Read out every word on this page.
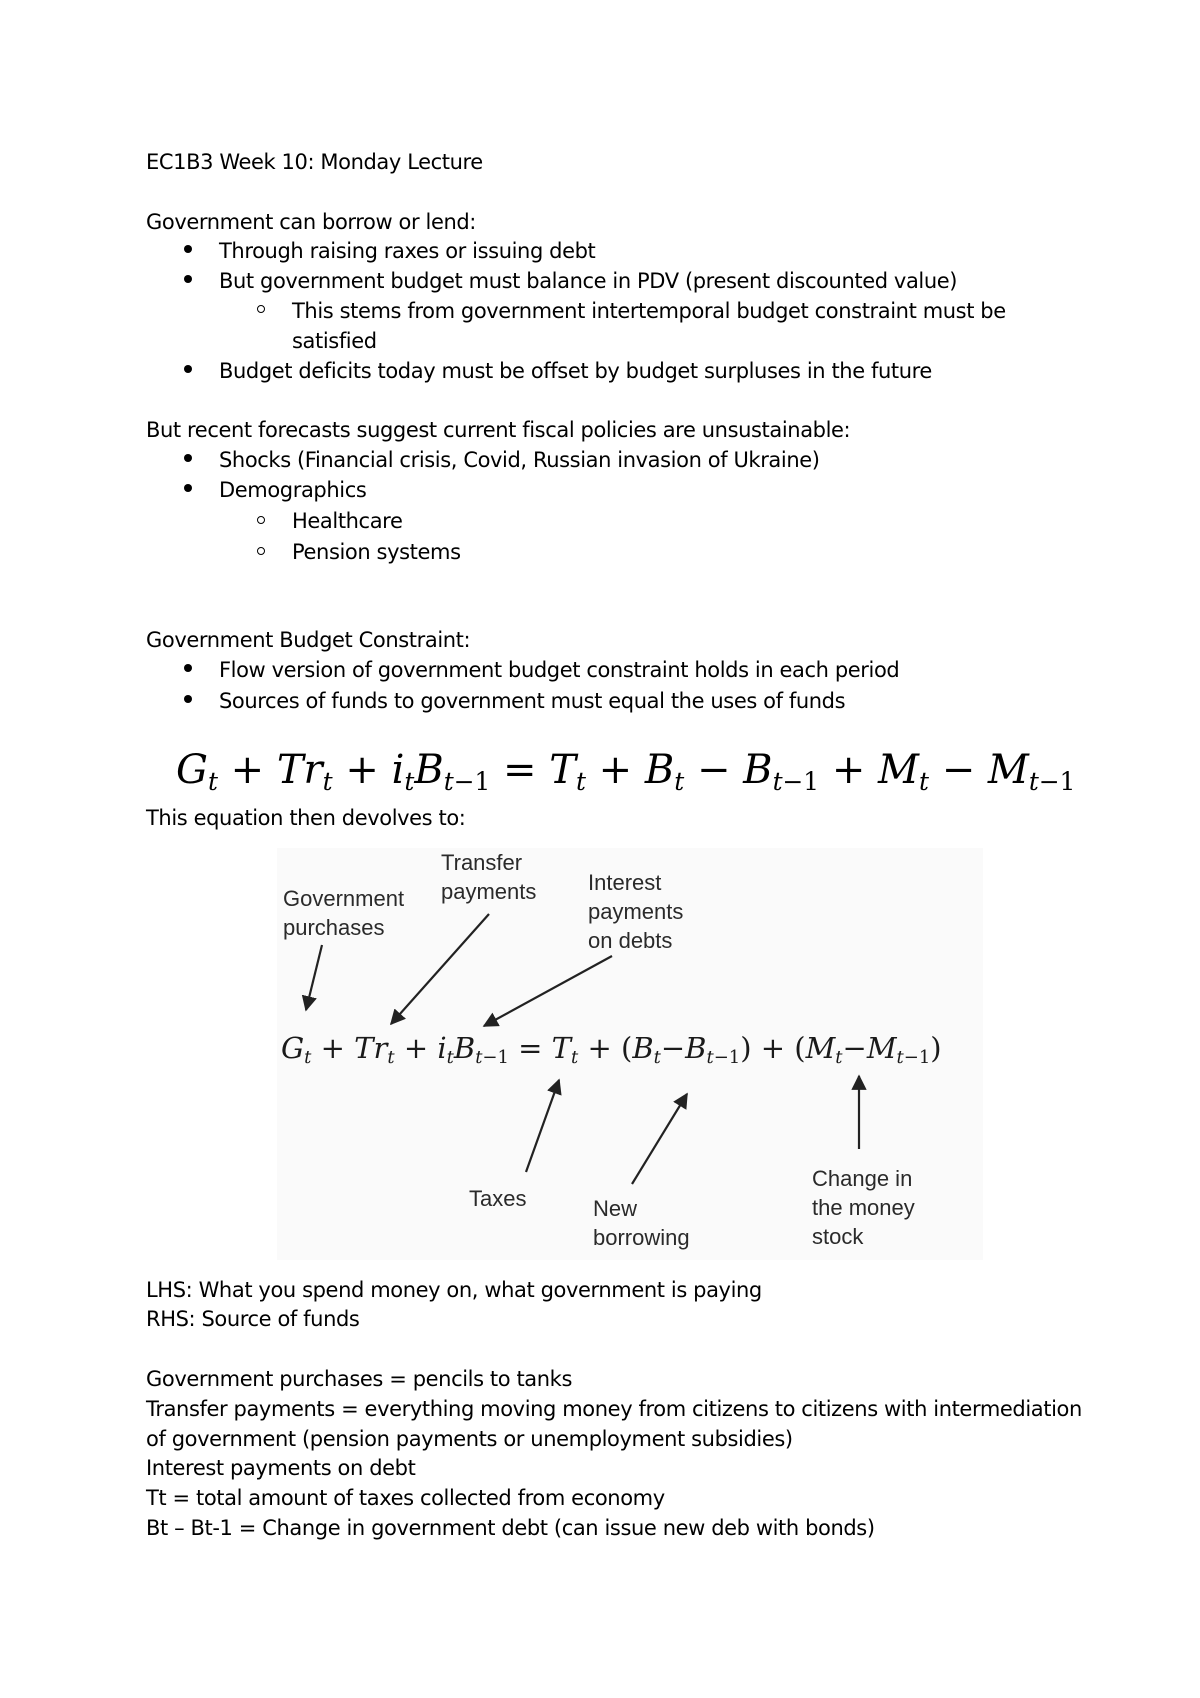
EC1B3 Week 10: Monday Lecture
Government can borrow or lend:
Through raising raxes or issuing debt
But government budget must balance in PDV (present discounted value)
This stems from government intertemporal budget constraint must be
satisfied
Budget deficits today must be offset by budget surpluses in the future
But recent forecasts suggest current fiscal policies are unsustainable:
Shocks (Financial crisis, Covid, Russian invasion of Ukraine)
Demographics
Healthcare
Pension systems
Government Budget Constraint:
Flow version of government budget constraint holds in each period
Sources of funds to government must equal the uses of funds
$G_t + Tr_t + i_tB_{t-1} = T_t + B_t - B_{t-1} + M_t - M_{t-1}$
This equation then devolves to:
Government
purchases
Transfer
payments Interest
payments
on debts
$G_t + Tr_t + i_tB_{t-1} = T_t + (B_t-B_{t-1}) + (M_t-M_{t-1})$
Taxes	New
borrowing
Change in
the money
stock
LHS: What you spend money on, what government is paying
RHS: Source of funds
Government purchases = pencils to tanks
Transfer payments = everything moving money from citizens to citizens with intermediation
of government (pension payments or unemployment subsidies)
Interest payments on debt
Tt = total amount of taxes collected from economy
Bt – Bt-1 = Change in government debt (can issue new deb with bonds)
